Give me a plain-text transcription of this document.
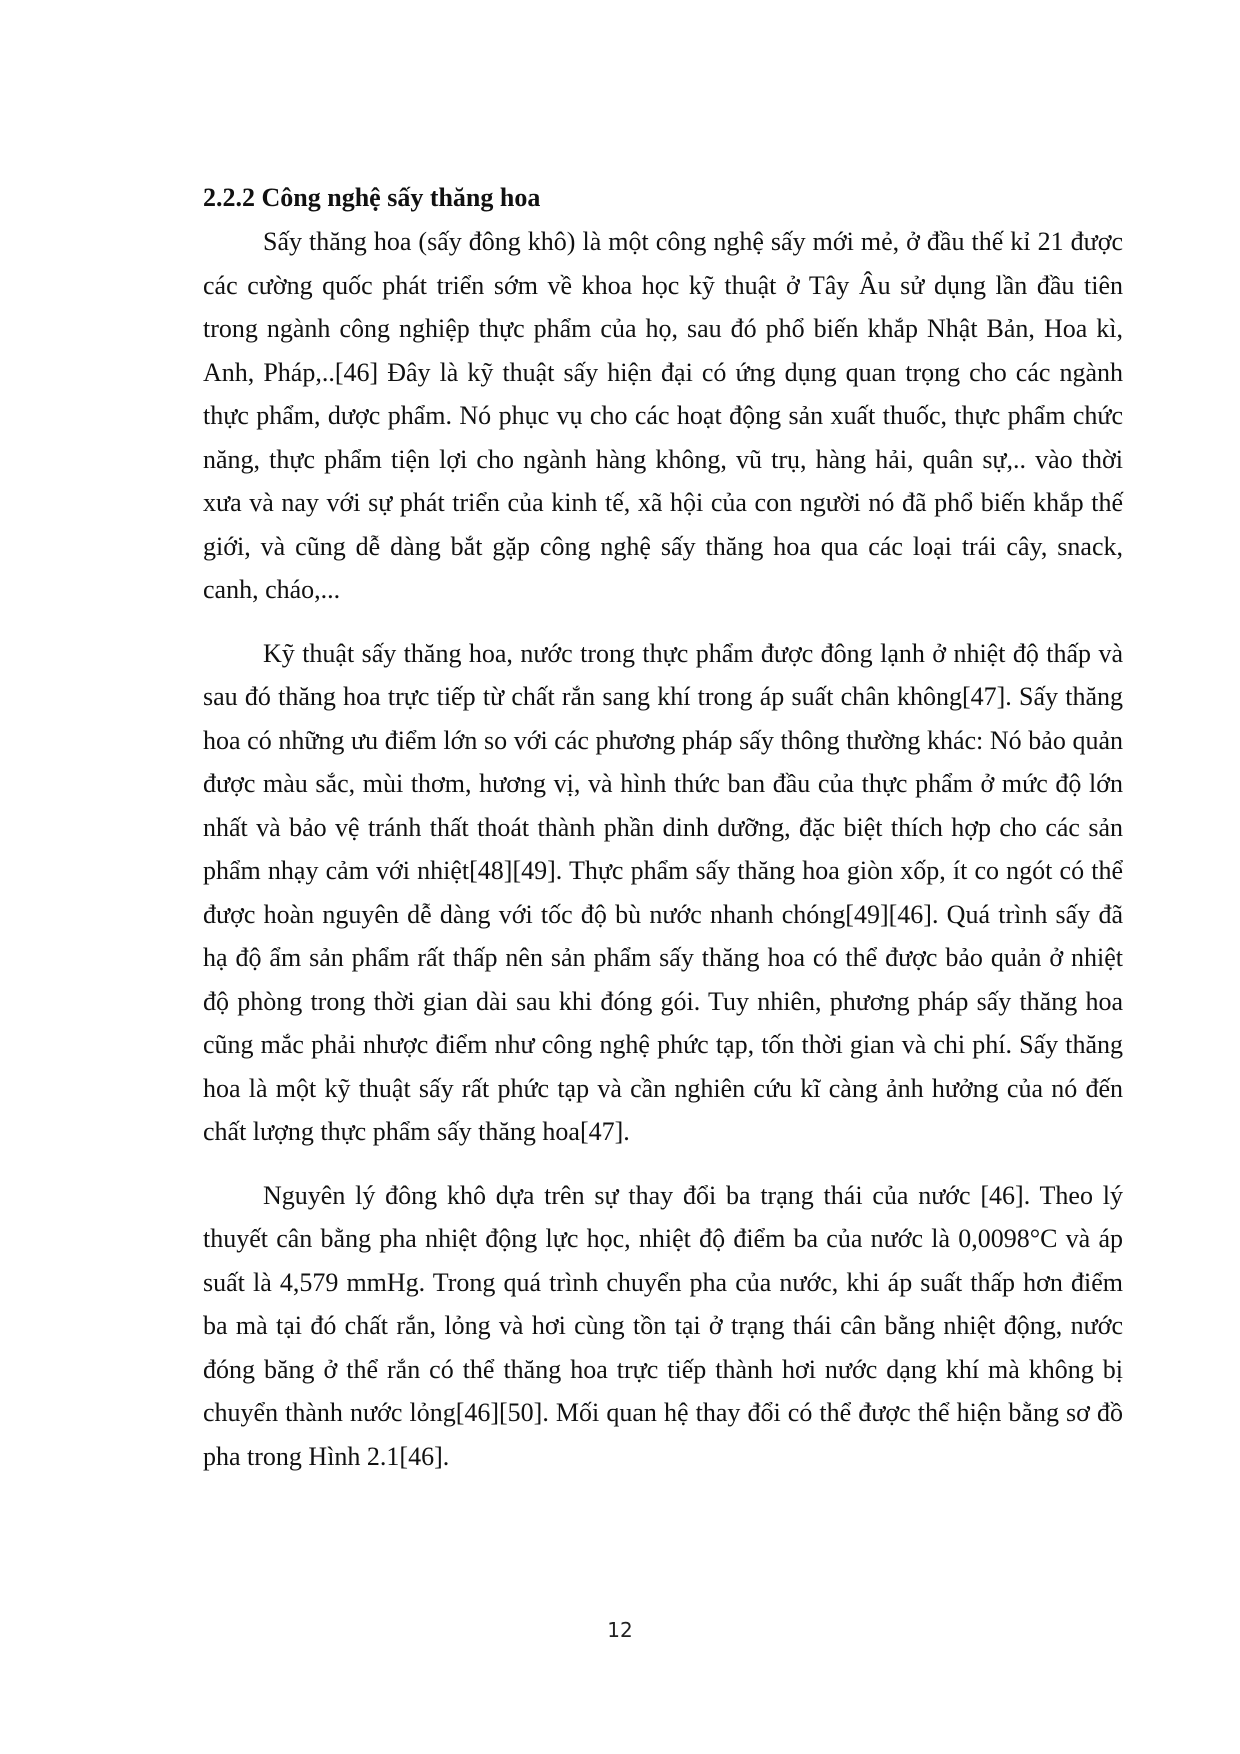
2.2.2 Công nghệ sấy thăng hoa

Sấy thăng hoa (sấy đông khô) là một công nghệ sấy mới mẻ, ở đầu thế kỉ 21 được các cường quốc phát triển sớm về khoa học kỹ thuật ở Tây Âu sử dụng lần đầu tiên trong ngành công nghiệp thực phẩm của họ, sau đó phổ biến khắp Nhật Bản, Hoa kì, Anh, Pháp,..[46] Đây là kỹ thuật sấy hiện đại có ứng dụng quan trọng cho các ngành thực phẩm, dược phẩm. Nó phục vụ cho các hoạt động sản xuất thuốc, thực phẩm chức năng, thực phẩm tiện lợi cho ngành hàng không, vũ trụ, hàng hải, quân sự,.. vào thời xưa và nay với sự phát triển của kinh tế, xã hội của con người nó đã phổ biến khắp thế giới, và cũng dễ dàng bắt gặp công nghệ sấy thăng hoa qua các loại trái cây, snack, canh, cháo,...

Kỹ thuật sấy thăng hoa, nước trong thực phẩm được đông lạnh ở nhiệt độ thấp và sau đó thăng hoa trực tiếp từ chất rắn sang khí trong áp suất chân không[47]. Sấy thăng hoa có những ưu điểm lớn so với các phương pháp sấy thông thường khác: Nó bảo quản được màu sắc, mùi thơm, hương vị, và hình thức ban đầu của thực phẩm ở mức độ lớn nhất và bảo vệ tránh thất thoát thành phần dinh dưỡng, đặc biệt thích hợp cho các sản phẩm nhạy cảm với nhiệt[48][49]. Thực phẩm sấy thăng hoa giòn xốp, ít co ngót có thể được hoàn nguyên dễ dàng với tốc độ bù nước nhanh chóng[49][46]. Quá trình sấy đã hạ độ ẩm sản phẩm rất thấp nên sản phẩm sấy thăng hoa có thể được bảo quản ở nhiệt độ phòng trong thời gian dài sau khi đóng gói. Tuy nhiên, phương pháp sấy thăng hoa cũng mắc phải nhược điểm như công nghệ phức tạp, tốn thời gian và chi phí. Sấy thăng hoa là một kỹ thuật sấy rất phức tạp và cần nghiên cứu kĩ càng ảnh hưởng của nó đến chất lượng thực phẩm sấy thăng hoa[47].

Nguyên lý đông khô dựa trên sự thay đổi ba trạng thái của nước [46]. Theo lý thuyết cân bằng pha nhiệt động lực học, nhiệt độ điểm ba của nước là 0,0098°C và áp suất là 4,579 mmHg. Trong quá trình chuyển pha của nước, khi áp suất thấp hơn điểm ba mà tại đó chất rắn, lỏng và hơi cùng tồn tại ở trạng thái cân bằng nhiệt động, nước đóng băng ở thể rắn có thể thăng hoa trực tiếp thành hơi nước dạng khí mà không bị chuyển thành nước lỏng[46][50]. Mối quan hệ thay đổi có thể được thể hiện bằng sơ đồ pha trong Hình 2.1[46].

12
